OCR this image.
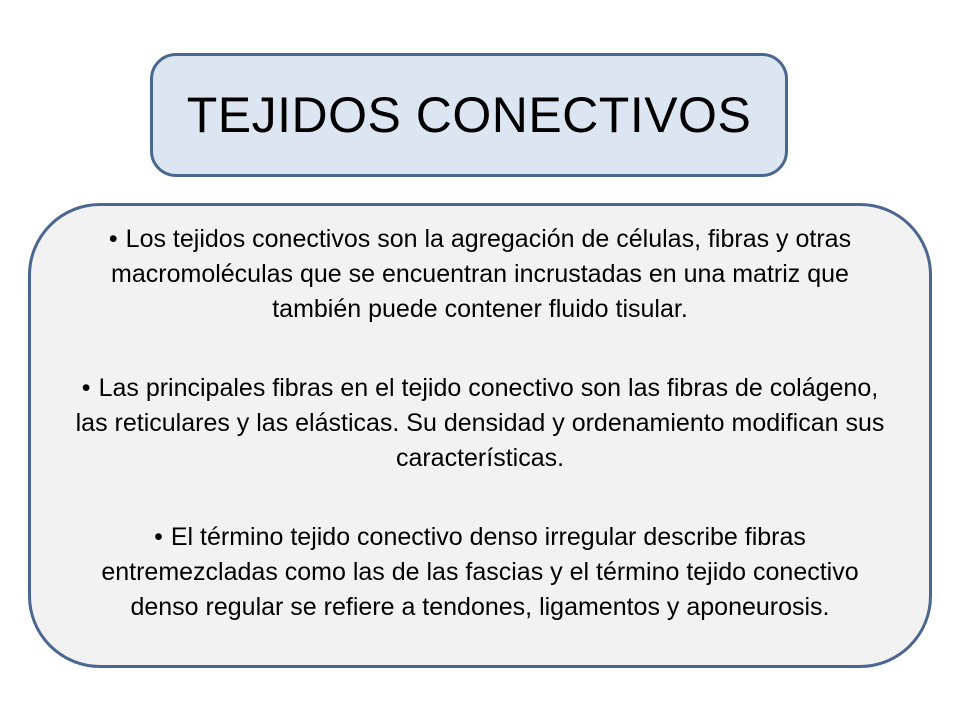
TEJIDOS CONECTIVOS

• Los tejidos conectivos son la agregación de células, fibras y otras macromoléculas que se encuentran incrustadas en una matriz que también puede contener fluido tisular.

• Las principales fibras en el tejido conectivo son las fibras de colágeno, las reticulares y las elásticas. Su densidad y ordenamiento modifican sus características.

• El término tejido conectivo denso irregular describe fibras entremezcladas como las de las fascias y el término tejido conectivo denso regular se refiere a tendones, ligamentos y aponeurosis.
